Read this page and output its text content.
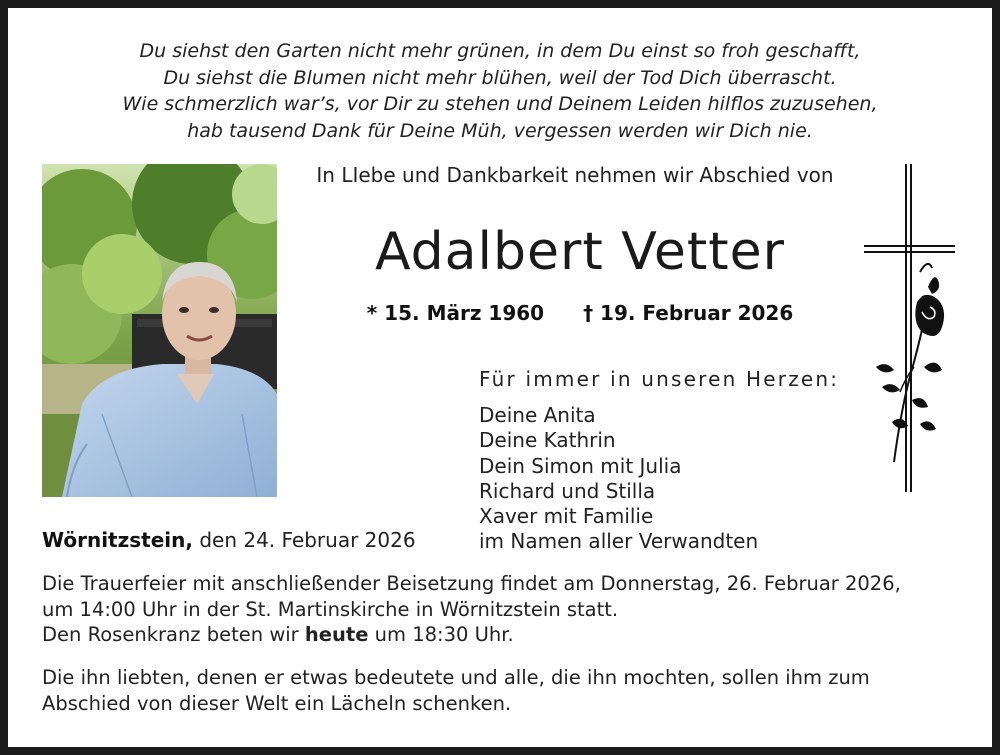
Du siehst den Garten nicht mehr grünen, in dem Du einst so froh geschafft,
Du siehst die Blumen nicht mehr blühen, weil der Tod Dich überrascht.
Wie schmerzlich war’s, vor Dir zu stehen und Deinem Leiden hilflos zuzusehen,
hab tausend Dank für Deine Müh, vergessen werden wir Dich nie.
In LIebe und Dankbarkeit nehmen wir Abschied von
Adalbert Vetter
* 15. März 1960 † 19. Februar 2026
Für immer in unseren Herzen:
Deine Anita
Deine Kathrin
Dein Simon mit Julia
Richard und Stilla
Xaver mit Familie
im Namen aller Verwandten
Wörnitzstein, den 24. Februar 2026
Die Trauerfeier mit anschließender Beisetzung findet am Donnerstag, 26. Februar 2026,
um 14:00 Uhr in der St. Martinskirche in Wörnitzstein statt.
Den Rosenkranz beten wir heute um 18:30 Uhr.
Die ihn liebten, denen er etwas bedeutete und alle, die ihn mochten, sollen ihm zum
Abschied von dieser Welt ein Lächeln schenken.
